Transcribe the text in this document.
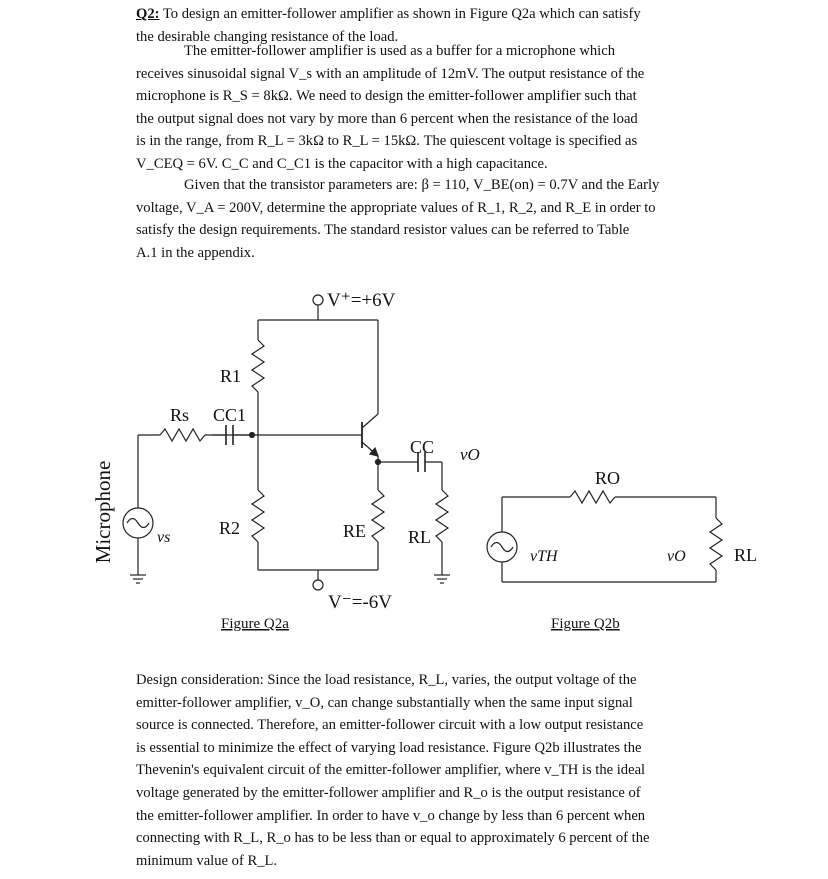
Q2: To design an emitter-follower amplifier as shown in Figure Q2a which can satisfy
the desirable changing resistance of the load.
The emitter-follower amplifier is used as a buffer for a microphone which
receives sinusoidal signal V_s with an amplitude of 12mV. The output resistance of the
microphone is R_S = 8kΩ. We need to design the emitter-follower amplifier such that
the output signal does not vary by more than 6 percent when the resistance of the load
is in the range, from R_L = 3kΩ to R_L = 15kΩ. The quiescent voltage is specified as
V_CEQ = 6V. C_C and C_C1 is the capacitor with a high capacitance.
Given that the transistor parameters are: β = 110, V_BE(on) = 0.7V and the Early
voltage, V_A = 200V, determine the appropriate values of R_1, R_2, and R_E in order to
satisfy the design requirements. The standard resistor values can be referred to Table
A.1 in the appendix.
V⁺=+6V
R1
Rs CC1
CC vO
R2	RE RL
vs
V⁻=-6V
Microphone
Figure Q2a
RO
vTH	vO	RL
Figure Q2b
Design consideration: Since the load resistance, R_L, varies, the output voltage of the
emitter-follower amplifier, v_O, can change substantially when the same input signal
source is connected. Therefore, an emitter-follower circuit with a low output resistance
is essential to minimize the effect of varying load resistance. Figure Q2b illustrates the
Thevenin's equivalent circuit of the emitter-follower amplifier, where v_TH is the ideal
voltage generated by the emitter-follower amplifier and R_o is the output resistance of
the emitter-follower amplifier. In order to have v_o change by less than 6 percent when
connecting with R_L, R_o has to be less than or equal to approximately 6 percent of the
minimum value of R_L.
